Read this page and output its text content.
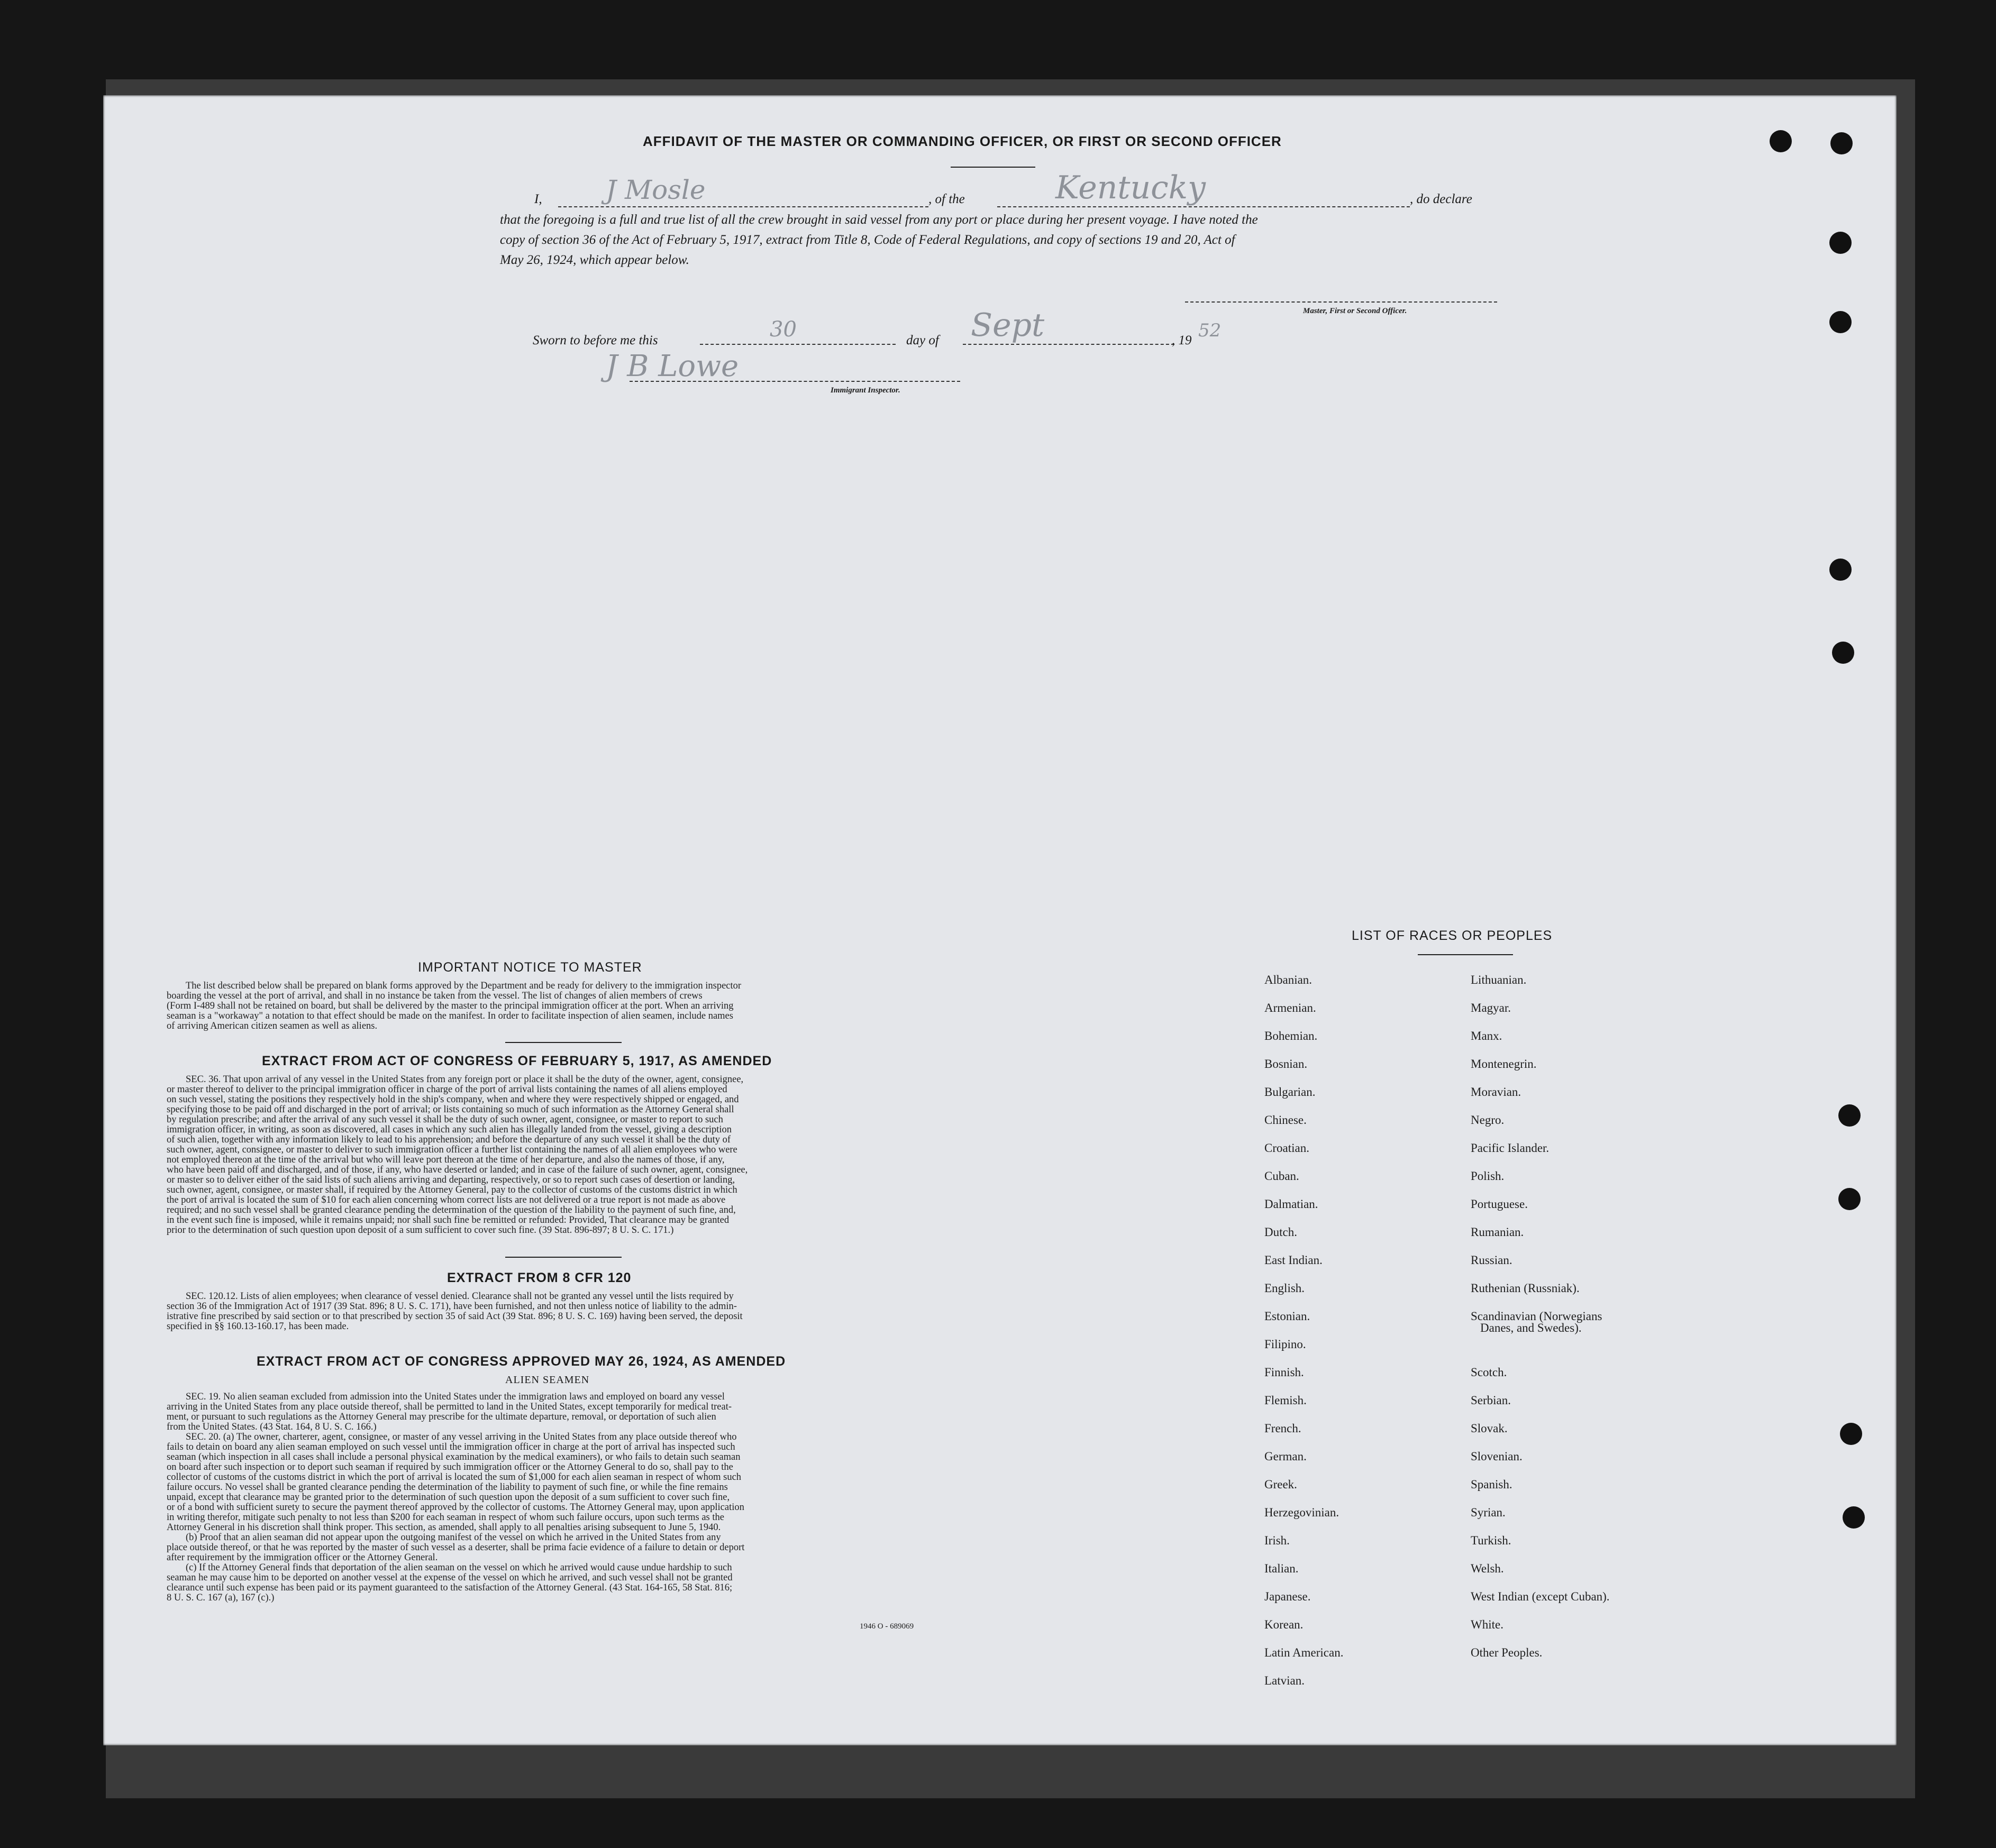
AFFIDAVIT OF THE MASTER OR COMMANDING OFFICER, OR FIRST OR SECOND OFFICER
I, J Mosle	, of the	Kentucky	, do declare
that the foregoing is a full and true list of all the crew brought in said vessel from any port or place during her present voyage. I have noted the
copy of section 36 of the Act of February 5, 1917, extract from Title 8, Code of Federal Regulations, and copy of sections 19 and 20, Act of
May 26, 1924, which appear below.
Master, First or Second Officer.
Sworn to before me this	30	day of Sept	, 19 52
J B Lowe
Immigrant Inspector.
IMPORTANT NOTICE TO MASTER
The list described below shall be prepared on blank forms approved by the Department and be ready for delivery to the immigration inspector
boarding the vessel at the port of arrival, and shall in no instance be taken from the vessel. The list of changes of alien members of crews
(Form I-489 shall not be retained on board, but shall be delivered by the master to the principal immigration officer at the port. When an arriving
seaman is a "workaway" a notation to that effect should be made on the manifest. In order to facilitate inspection of alien seamen, include names
of arriving American citizen seamen as well as aliens.
EXTRACT FROM ACT OF CONGRESS OF FEBRUARY 5, 1917, AS AMENDED
SEC. 36. That upon arrival of any vessel in the United States from any foreign port or place it shall be the duty of the owner, agent, consignee,
or master thereof to deliver to the principal immigration officer in charge of the port of arrival lists containing the names of all aliens employed
on such vessel, stating the positions they respectively hold in the ship's company, when and where they were respectively shipped or engaged, and
specifying those to be paid off and discharged in the port of arrival; or lists containing so much of such information as the Attorney General shall
by regulation prescribe; and after the arrival of any such vessel it shall be the duty of such owner, agent, consignee, or master to report to such
immigration officer, in writing, as soon as discovered, all cases in which any such alien has illegally landed from the vessel, giving a description
of such alien, together with any information likely to lead to his apprehension; and before the departure of any such vessel it shall be the duty of
such owner, agent, consignee, or master to deliver to such immigration officer a further list containing the names of all alien employees who were
not employed thereon at the time of the arrival but who will leave port thereon at the time of her departure, and also the names of those, if any,
who have been paid off and discharged, and of those, if any, who have deserted or landed; and in case of the failure of such owner, agent, consignee,
or master so to deliver either of the said lists of such aliens arriving and departing, respectively, or so to report such cases of desertion or landing,
such owner, agent, consignee, or master shall, if required by the Attorney General, pay to the collector of customs of the customs district in which
the port of arrival is located the sum of $10 for each alien concerning whom correct lists are not delivered or a true report is not made as above
required; and no such vessel shall be granted clearance pending the determination of the question of the liability to the payment of such fine, and,
in the event such fine is imposed, while it remains unpaid; nor shall such fine be remitted or refunded: Provided, That clearance may be granted
prior to the determination of such question upon deposit of a sum sufficient to cover such fine. (39 Stat. 896-897; 8 U. S. C. 171.)
EXTRACT FROM 8 CFR 120
SEC. 120.12. Lists of alien employees; when clearance of vessel denied. Clearance shall not be granted any vessel until the lists required by
section 36 of the Immigration Act of 1917 (39 Stat. 896; 8 U. S. C. 171), have been furnished, and not then unless notice of liability to the admin-
istrative fine prescribed by said section or to that prescribed by section 35 of said Act (39 Stat. 896; 8 U. S. C. 169) having been served, the deposit
specified in §§ 160.13-160.17, has been made.
EXTRACT FROM ACT OF CONGRESS APPROVED MAY 26, 1924, AS AMENDED
ALIEN SEAMEN
SEC. 19. No alien seaman excluded from admission into the United States under the immigration laws and employed on board any vessel
arriving in the United States from any place outside thereof, shall be permitted to land in the United States, except temporarily for medical treat-
ment, or pursuant to such regulations as the Attorney General may prescribe for the ultimate departure, removal, or deportation of such alien
from the United States. (43 Stat. 164, 8 U. S. C. 166.)
SEC. 20. (a) The owner, charterer, agent, consignee, or master of any vessel arriving in the United States from any place outside thereof who
fails to detain on board any alien seaman employed on such vessel until the immigration officer in charge at the port of arrival has inspected such
seaman (which inspection in all cases shall include a personal physical examination by the medical examiners), or who fails to detain such seaman
on board after such inspection or to deport such seaman if required by such immigration officer or the Attorney General to do so, shall pay to the
collector of customs of the customs district in which the port of arrival is located the sum of $1,000 for each alien seaman in respect of whom such
failure occurs. No vessel shall be granted clearance pending the determination of the liability to payment of such fine, or while the fine remains
unpaid, except that clearance may be granted prior to the determination of such question upon the deposit of a sum sufficient to cover such fine,
or of a bond with sufficient surety to secure the payment thereof approved by the collector of customs. The Attorney General may, upon application
in writing therefor, mitigate such penalty to not less than $200 for each seaman in respect of whom such failure occurs, upon such terms as the
Attorney General in his discretion shall think proper. This section, as amended, shall apply to all penalties arising subsequent to June 5, 1940.
(b) Proof that an alien seaman did not appear upon the outgoing manifest of the vessel on which he arrived in the United States from any
place outside thereof, or that he was reported by the master of such vessel as a deserter, shall be prima facie evidence of a failure to detain or deport
after requirement by the immigration officer or the Attorney General.
(c) If the Attorney General finds that deportation of the alien seaman on the vessel on which he arrived would cause undue hardship to such
seaman he may cause him to be deported on another vessel at the expense of the vessel on which he arrived, and such vessel shall not be granted
clearance until such expense has been paid or its payment guaranteed to the satisfaction of the Attorney General. (43 Stat. 164-165, 58 Stat. 816;
8 U. S. C. 167 (a), 167 (c).)
1946 O - 689069
LIST OF RACES OR PEOPLES
Albanian.
Armenian.
Bohemian.
Bosnian.
Bulgarian.
Chinese.
Croatian.
Cuban.
Dalmatian.
Dutch.
East Indian.
English.
Estonian.
Filipino.
Finnish.
Flemish.
French.
German.
Greek.
Herzegovinian.
Irish.
Italian.
Japanese.
Korean.
Latin American.
Latvian.
Lithuanian.
Magyar.
Manx.
Montenegrin.
Moravian.
Negro.
Pacific Islander.
Polish.
Portuguese.
Rumanian.
Russian.
Ruthenian (Russniak).
Scandinavian (Norwegians
Danes, and Swedes).
Scotch.
Serbian.
Slovak.
Slovenian.
Spanish.
Syrian.
Turkish.
Welsh.
West Indian (except Cuban).
White.
Other Peoples.
